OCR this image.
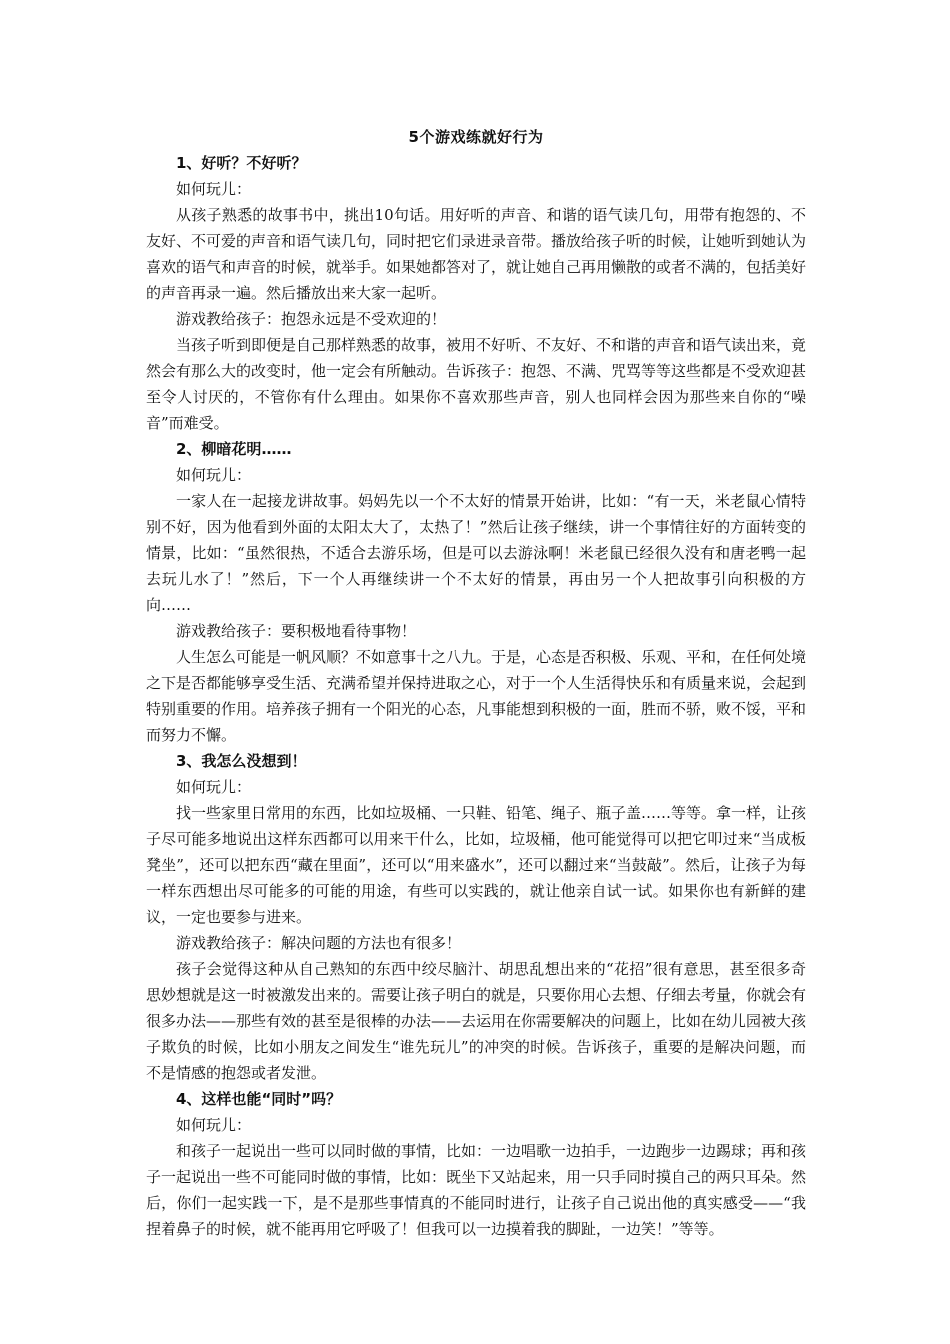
5个游戏练就好行为

1、好听？不好听？

如何玩儿：

从孩子熟悉的故事书中，挑出10句话。用好听的声音、和谐的语气读几句，用带有抱怨的、不友好、不可爱的声音和语气读几句，同时把它们录进录音带。播放给孩子听的时候，让她听到她认为喜欢的语气和声音的时候，就举手。如果她都答对了，就让她自己再用懒散的或者不满的，包括美好的声音再录一遍。然后播放出来大家一起听。

游戏教给孩子：抱怨永远是不受欢迎的！

当孩子听到即便是自己那样熟悉的故事，被用不好听、不友好、不和谐的声音和语气读出来，竟然会有那么大的改变时，他一定会有所触动。告诉孩子：抱怨、不满、咒骂等等这些都是不受欢迎甚至令人讨厌的，不管你有什么理由。如果你不喜欢那些声音，别人也同样会因为那些来自你的“噪音”而难受。

2、柳暗花明……

如何玩儿：

一家人在一起接龙讲故事。妈妈先以一个不太好的情景开始讲，比如：“有一天，米老鼠心情特别不好，因为他看到外面的太阳太大了，太热了！”然后让孩子继续，讲一个事情往好的方面转变的情景，比如：“虽然很热，不适合去游乐场，但是可以去游泳啊！米老鼠已经很久没有和唐老鸭一起去玩儿水了！”然后，下一个人再继续讲一个不太好的情景，再由另一个人把故事引向积极的方向……

游戏教给孩子：要积极地看待事物！

人生怎么可能是一帆风顺？不如意事十之八九。于是，心态是否积极、乐观、平和，在任何处境之下是否都能够享受生活、充满希望并保持进取之心，对于一个人生活得快乐和有质量来说，会起到特别重要的作用。培养孩子拥有一个阳光的心态，凡事能想到积极的一面，胜而不骄，败不馁，平和而努力不懈。

3、我怎么没想到！

如何玩儿：

找一些家里日常用的东西，比如垃圾桶、一只鞋、铅笔、绳子、瓶子盖……等等。拿一样，让孩子尽可能多地说出这样东西都可以用来干什么，比如，垃圾桶，他可能觉得可以把它叩过来“当成板凳坐”，还可以把东西“藏在里面”，还可以“用来盛水”，还可以翻过来“当鼓敲”。然后，让孩子为每一样东西想出尽可能多的可能的用途，有些可以实践的，就让他亲自试一试。如果你也有新鲜的建议，一定也要参与进来。

游戏教给孩子：解决问题的方法也有很多！

孩子会觉得这种从自己熟知的东西中绞尽脑汁、胡思乱想出来的“花招”很有意思，甚至很多奇思妙想就是这一时被激发出来的。需要让孩子明白的就是，只要你用心去想、仔细去考量，你就会有很多办法——那些有效的甚至是很棒的办法——去运用在你需要解决的问题上，比如在幼儿园被大孩子欺负的时候，比如小朋友之间发生“谁先玩儿”的冲突的时候。告诉孩子，重要的是解决问题，而不是情感的抱怨或者发泄。

4、这样也能“同时”吗？

如何玩儿：

和孩子一起说出一些可以同时做的事情，比如：一边唱歌一边拍手，一边跑步一边踢球；再和孩子一起说出一些不可能同时做的事情，比如：既坐下又站起来，用一只手同时摸自己的两只耳朵。然后，你们一起实践一下，是不是那些事情真的不能同时进行，让孩子自己说出他的真实感受——“我捏着鼻子的时候，就不能再用它呼吸了！但我可以一边摸着我的脚趾，一边笑！”等等。
